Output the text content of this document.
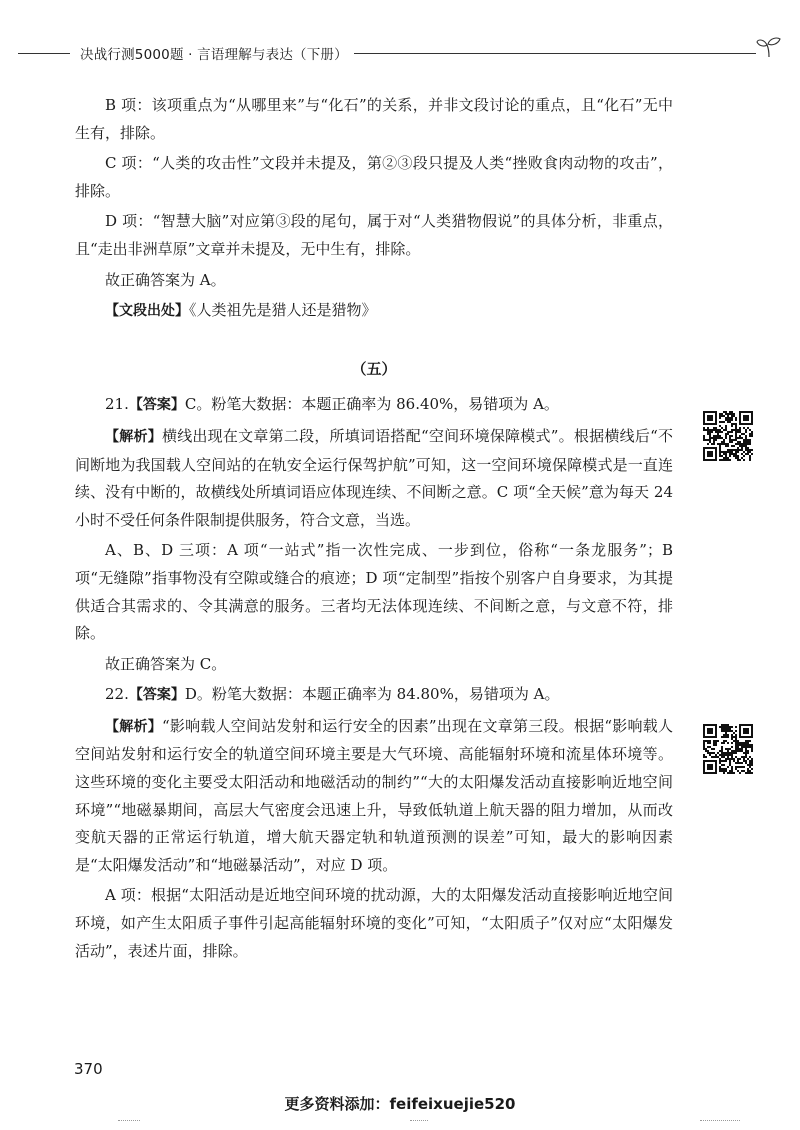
决战行测5000题 · 言语理解与表达（下册）

B 项：该项重点为“从哪里来”与“化石”的关系，并非文段讨论的重点，且“化石”无中生有，排除。

C 项：“人类的攻击性”文段并未提及，第②③段只提及人类“挫败食肉动物的攻击”，排除。

D 项：“智慧大脑”对应第③段的尾句，属于对“人类猎物假说”的具体分析，非重点，且“走出非洲草原”文章并未提及，无中生有，排除。

故正确答案为 A。

【文段出处】《人类祖先是猎人还是猎物》

（五）

21.【答案】C。粉笔大数据：本题正确率为 86.40%，易错项为 A。

【解析】横线出现在文章第二段，所填词语搭配“空间环境保障模式”。根据横线后“不间断地为我国载人空间站的在轨安全运行保驾护航”可知，这一空间环境保障模式是一直连续、没有中断的，故横线处所填词语应体现连续、不间断之意。C 项“全天候”意为每天 24 小时不受任何条件限制提供服务，符合文意，当选。

A、B、D 三项：A 项“一站式”指一次性完成、一步到位，俗称“一条龙服务”；B 项“无缝隙”指事物没有空隙或缝合的痕迹；D 项“定制型”指按个别客户自身要求，为其提供适合其需求的、令其满意的服务。三者均无法体现连续、不间断之意，与文意不符，排除。

故正确答案为 C。

22.【答案】D。粉笔大数据：本题正确率为 84.80%，易错项为 A。

【解析】“影响载人空间站发射和运行安全的因素”出现在文章第三段。根据“影响载人空间站发射和运行安全的轨道空间环境主要是大气环境、高能辐射环境和流星体环境等。这些环境的变化主要受太阳活动和地磁活动的制约”“大的太阳爆发活动直接影响近地空间环境”“地磁暴期间，高层大气密度会迅速上升，导致低轨道上航天器的阻力增加，从而改变航天器的正常运行轨道，增大航天器定轨和轨道预测的误差”可知，最大的影响因素是“太阳爆发活动”和“地磁暴活动”，对应 D 项。

A 项：根据“太阳活动是近地空间环境的扰动源，大的太阳爆发活动直接影响近地空间环境，如产生太阳质子事件引起高能辐射环境的变化”可知，“太阳质子”仅对应“太阳爆发活动”，表述片面，排除。

370
更多资料添加：feifeixuejie520
